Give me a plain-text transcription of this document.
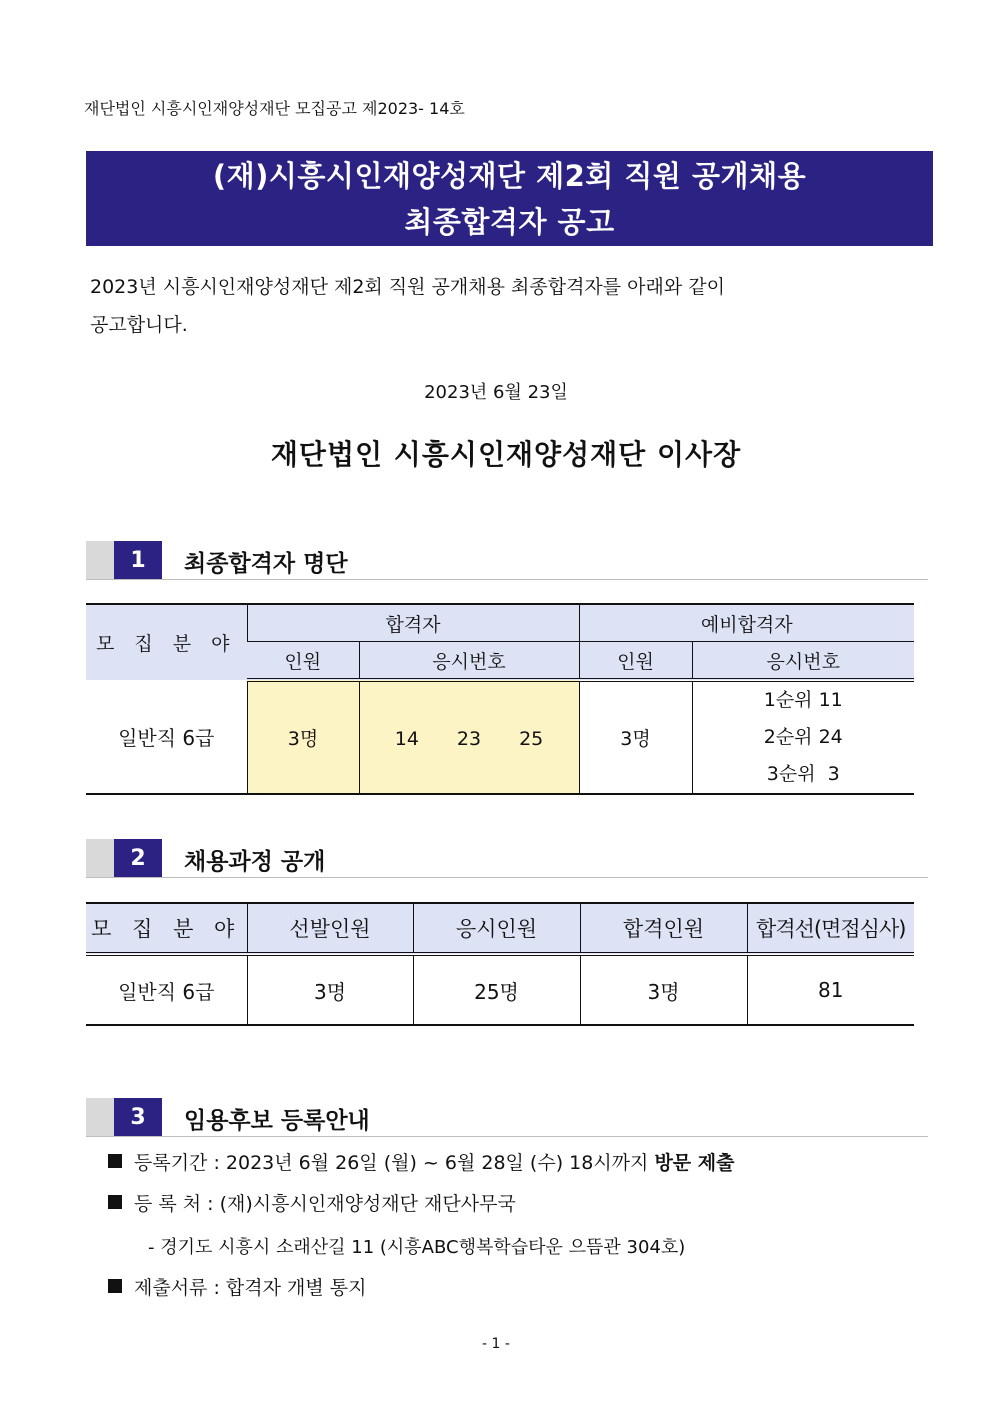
재단법인 시흥시인재양성재단 모집공고 제2023- 14호
(재)시흥시인재양성재단 제2회 직원 공개채용
최종합격자 공고
2023년 시흥시인재양성재단 제2회 직원 공개채용 최종합격자를 아래와 같이
공고합니다.
2023년 6월 23일
재단법인 시흥시인재양성재단 이사장
1	최종합격자 명단
모 집 분 야	합격자		예비합격자	
	인원	응시번호	인원	응시번호
일반직 6급	3명	14　　23　　25	3명	1순위 11
2순위 24
3순위  3
2	채용과정 공개
모 집 분 야	선발인원	응시인원	합격인원	합격선(면접심사)
일반직 6급	3명	25명	3명	81
3	임용후보 등록안내
등록기간 : 2023년 6월 26일 (월) ~ 6월 28일 (수) 18시까지 방문 제출
등 록 처 : (재)시흥시인재양성재단 재단사무국
- 경기도 시흥시 소래산길 11 (시흥ABC행복학습타운 으뜸관 304호)
제출서류 : 합격자 개별 통지
- 1 -
